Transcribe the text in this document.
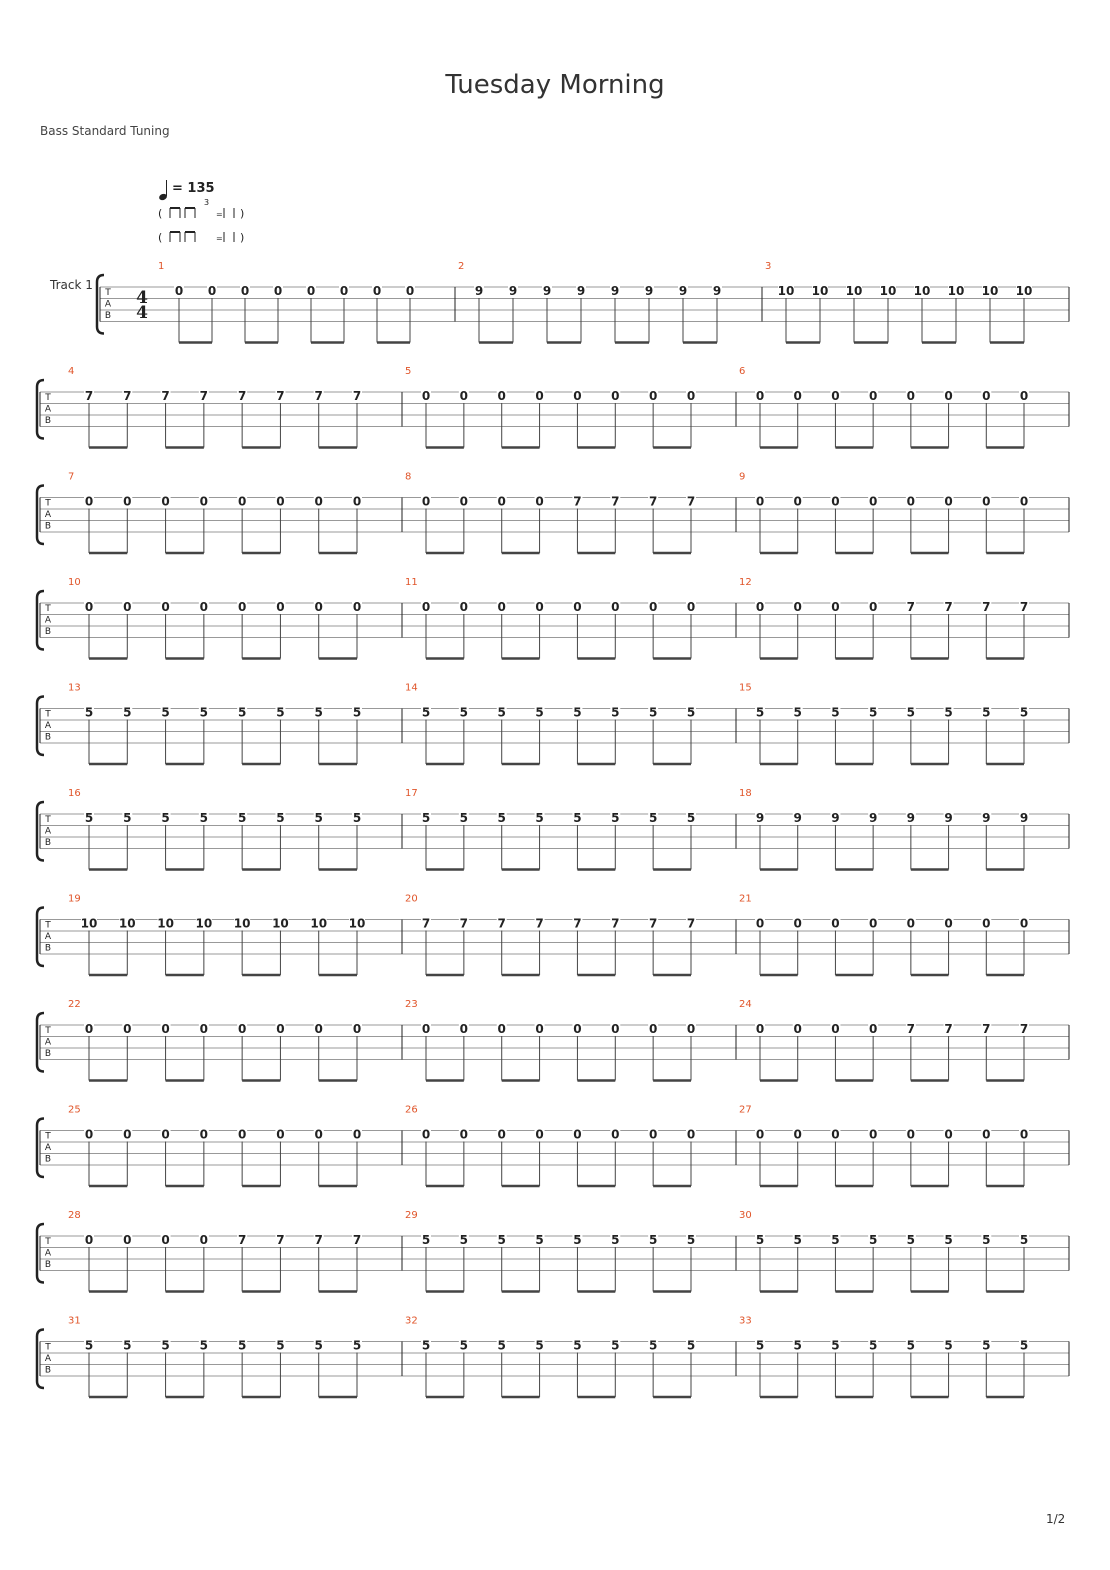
Tuesday Morning
Bass Standard Tuning
= 135
3
(	= )
(	= )
T
A
B
Track 1
4
4
1
0 0 0 0 0 0 0 0
2
9 9 9 9 9 9 9 9
3
10 10 10 10 10 10 10 10
T
A
B
4
7 7 7 7 7 7 7 7
5
0 0 0 0 0 0 0 0
6
0 0 0 0 0 0 0 0
T
A
B
7
0 0 0 0 0 0 0 0
8
0 0 0 0 7 7 7 7
9
0 0 0 0 0 0 0 0
T
A
B
10
0 0 0 0 0 0 0 0
11
0 0 0 0 0 0 0 0
12
0 0 0 0 7 7 7 7
T
A
B
13
5 5 5 5 5 5 5 5
14
5 5 5 5 5 5 5 5
15
5 5 5 5 5 5 5 5
T
A
B
16
5 5 5 5 5 5 5 5
17
5 5 5 5 5 5 5 5
18
9 9 9 9 9 9 9 9
T
A
B
19
10 10 10 10 10 10 10 10
20
7 7 7 7 7 7 7 7
21
0 0 0 0 0 0 0 0
T
A
B
22
0 0 0 0 0 0 0 0
23
0 0 0 0 0 0 0 0
24
0 0 0 0 7 7 7 7
T
A
B
25
0 0 0 0 0 0 0 0
26
0 0 0 0 0 0 0 0
27
0 0 0 0 0 0 0 0
T
A
B
28
0 0 0 0 7 7 7 7
29
5 5 5 5 5 5 5 5
30
5 5 5 5 5 5 5 5
T
A
B
31
5 5 5 5 5 5 5 5
32
5 5 5 5 5 5 5 5
33
5 5 5 5 5 5 5 5
1/2
